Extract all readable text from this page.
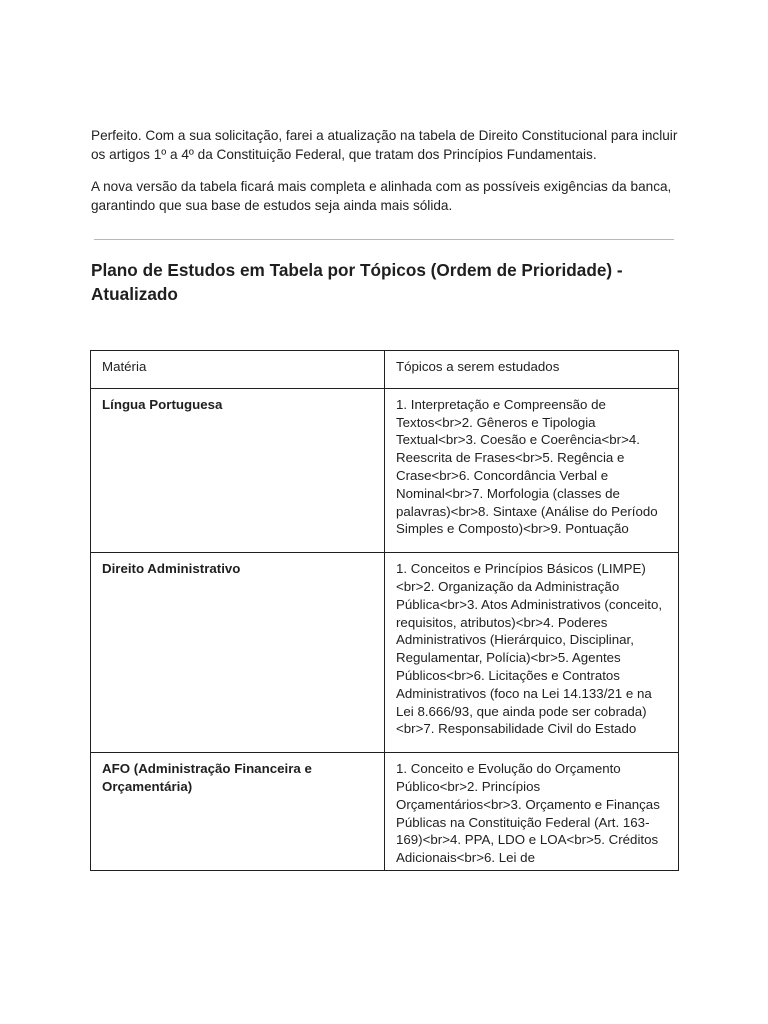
Perfeito. Com a sua solicitação, farei a atualização na tabela de Direito Constitucional para incluir os artigos 1º a 4º da Constituição Federal, que tratam dos Princípios Fundamentais.

A nova versão da tabela ficará mais completa e alinhada com as possíveis exigências da banca, garantindo que sua base de estudos seja ainda mais sólida.

Plano de Estudos em Tabela por Tópicos (Ordem de Prioridade) - Atualizado
Matéria	Tópicos a serem estudados
Língua Portuguesa	1. Interpretação e Compreensão de Textos<br>2. Gêneros e Tipologia Textual<br>3. Coesão e Coerência<br>4. Reescrita de Frases<br>5. Regência e Crase<br>6. Concordância Verbal e Nominal<br>7. Morfologia (classes de palavras)<br>8. Sintaxe (Análise do Período Simples e Composto)<br>9. Pontuação
Direito Administrativo	1. Conceitos e Princípios Básicos (LIMPE)<br>2. Organização da Administração Pública<br>3. Atos Administrativos (conceito, requisitos, atributos)<br>4. Poderes Administrativos (Hierárquico, Disciplinar, Regulamentar, Polícia)<br>5. Agentes Públicos<br>6. Licitações e Contratos Administrativos (foco na Lei 14.133/21 e na Lei 8.666/93, que ainda pode ser cobrada)<br>7. Responsabilidade Civil do Estado
AFO (Administração Financeira e Orçamentária)	1. Conceito e Evolução do Orçamento Público<br>2. Princípios Orçamentários<br>3. Orçamento e Finanças Públicas na Constituição Federal (Art. 163-169)<br>4. PPA, LDO e LOA<br>5. Créditos Adicionais<br>6. Lei de
